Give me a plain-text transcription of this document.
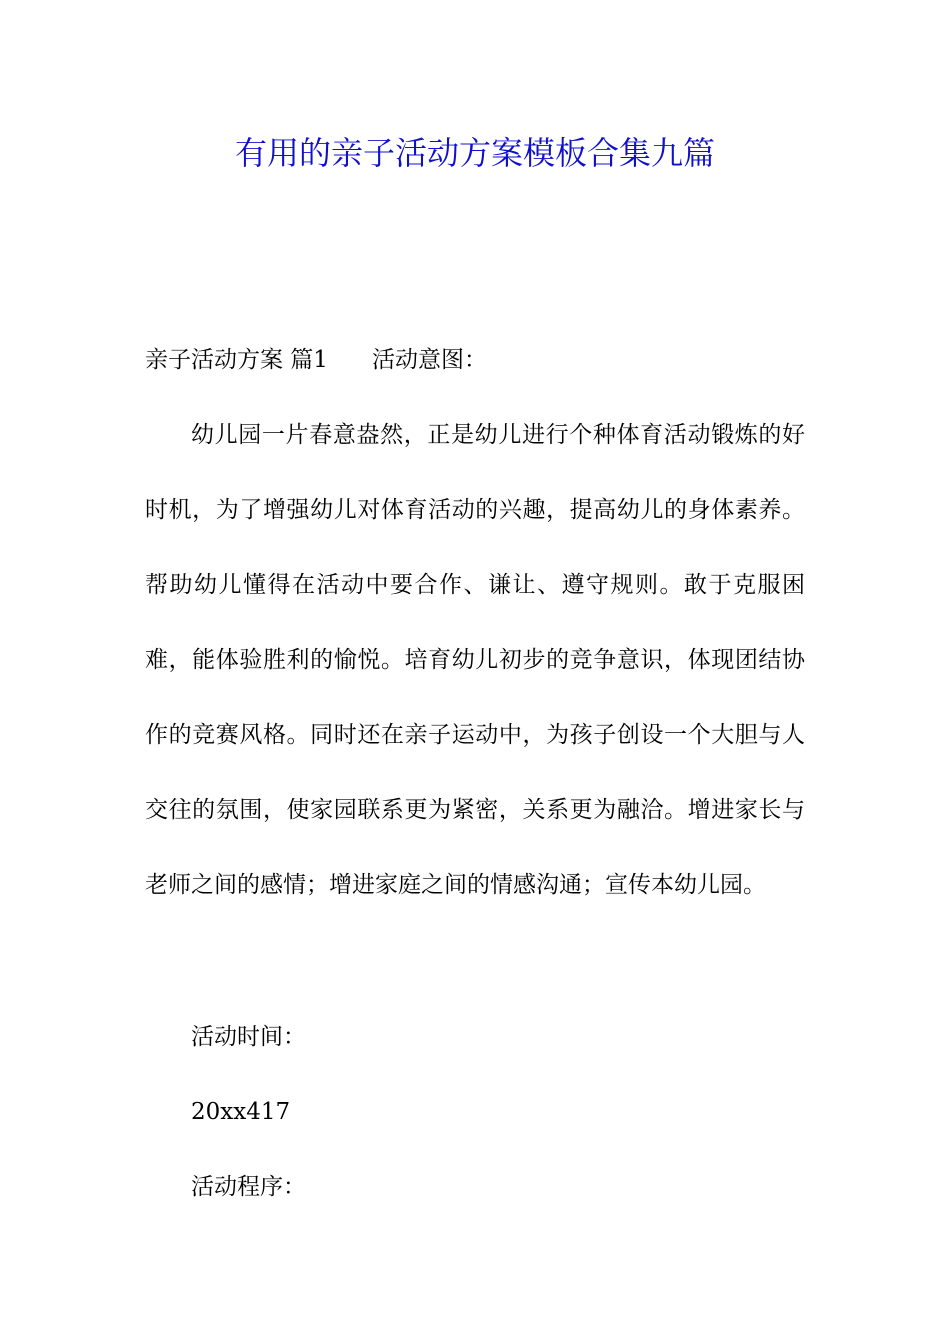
有用的亲子活动方案模板合集九篇

亲子活动方案 篇1 活动意图：

幼儿园一片春意盎然，正是幼儿进行个种体育活动锻炼的好时机，为了增强幼儿对体育活动的兴趣，提高幼儿的身体素养。帮助幼儿懂得在活动中要合作、谦让、遵守规则。敢于克服困难，能体验胜利的愉悦。培育幼儿初步的竞争意识，体现团结协作的竞赛风格。同时还在亲子运动中，为孩子创设一个大胆与人交往的氛围，使家园联系更为紧密，关系更为融洽。增进家长与老师之间的感情；增进家庭之间的情感沟通；宣传本幼儿园。

活动时间：

20xx417

活动程序：
